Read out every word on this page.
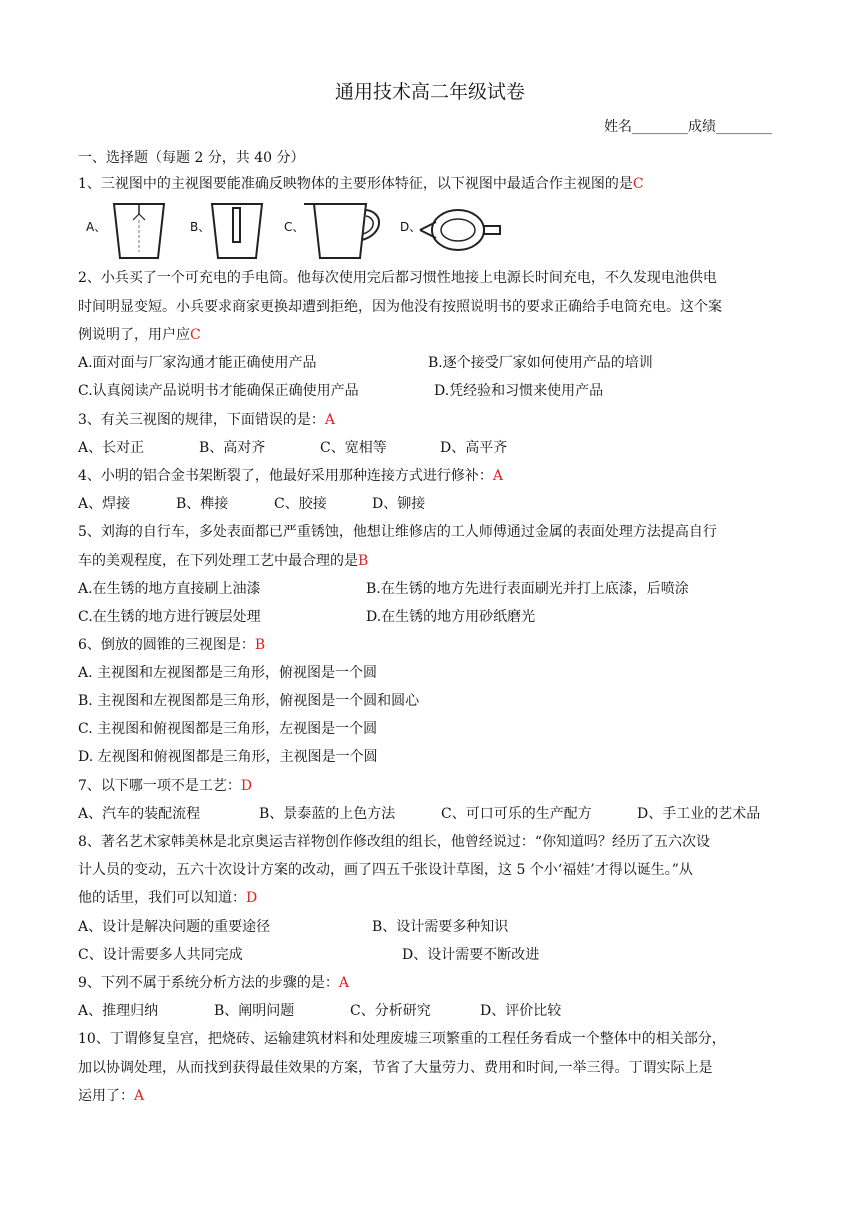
通用技术高二年级试卷
姓名________成绩________
一、选择题（每题 2 分，共 40 分）
1、三视图中的主视图要能准确反映物体的主要形体特征，以下视图中最适合作主视图的是C
A、	B、	C、	D、
2、小兵买了一个可充电的手电筒。他每次使用完后都习惯性地接上电源长时间充电，不久发现电池供电
时间明显变短。小兵要求商家更换却遭到拒绝，因为他没有按照说明书的要求正确给手电筒充电。这个案
例说明了，用户应C
A.面对面与厂家沟通才能正确使用产品	B.逐个接受厂家如何使用产品的培训
C.认真阅读产品说明书才能确保正确使用产品	D.凭经验和习惯来使用产品
3、有关三视图的规律，下面错误的是：A
A、长对正	B、高对齐	C、宽相等	D、高平齐
4、小明的铝合金书架断裂了，他最好采用那种连接方式进行修补：A
A、焊接	B、榫接	C、胶接	D、铆接
5、刘海的自行车，多处表面都已严重锈蚀，他想让维修店的工人师傅通过金属的表面处理方法提高自行
车的美观程度，在下列处理工艺中最合理的是B
A.在生锈的地方直接刷上油漆	B.在生锈的地方先进行表面刷光并打上底漆，后喷涂
C.在生锈的地方进行镀层处理	D.在生锈的地方用砂纸磨光
6、倒放的圆锥的三视图是：B
A. 主视图和左视图都是三角形，俯视图是一个圆
B. 主视图和左视图都是三角形，俯视图是一个圆和圆心
C. 主视图和俯视图都是三角形，左视图是一个圆
D. 左视图和俯视图都是三角形，主视图是一个圆
7、以下哪一项不是工艺：D
A、汽车的装配流程	B、景泰蓝的上色方法	C、可口可乐的生产配方	D、手工业的艺术品
8、著名艺术家韩美林是北京奥运吉祥物创作修改组的组长，他曾经说过：“你知道吗？经历了五六次设
计人员的变动，五六十次设计方案的改动，画了四五千张设计草图，这 5 个小‘福娃’才得以诞生。”从
他的话里，我们可以知道：D
A、设计是解决问题的重要途径	B、设计需要多种知识
C、设计需要多人共同完成	D、设计需要不断改进
9、下列不属于系统分析方法的步骤的是：A
A、推理归纳	B、阐明问题	C、分析研究	D、评价比较
10、丁谓修复皇宫，把烧砖、运输建筑材料和处理废墟三项繁重的工程任务看成一个整体中的相关部分，
加以协调处理，从而找到获得最佳效果的方案，节省了大量劳力、费用和时间,一举三得。丁谓实际上是
运用了：A
